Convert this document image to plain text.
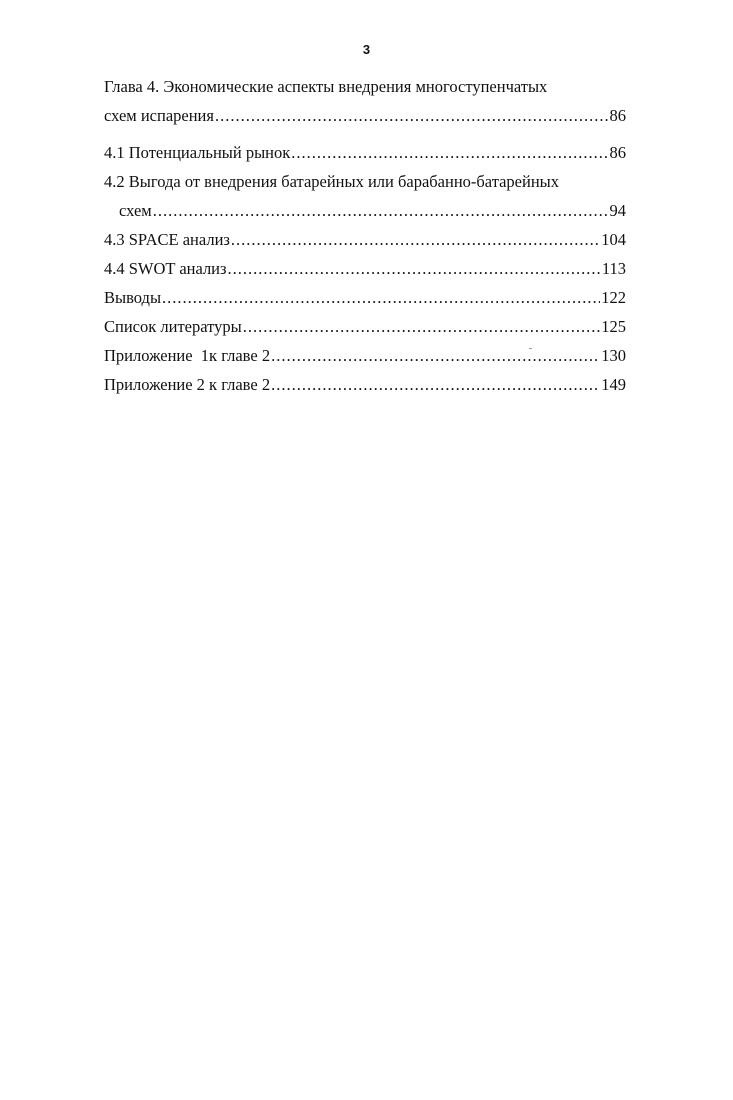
3
Глава 4. Экономические аспекты внедрения многоступенчатых
схем испарения .....	86
4.1 Потенциальный рынок .....	86
4.2 Выгода от внедрения батарейных или барабанно-батарейных
схем .....	94
4.3 SPACE анализ .....	104
4.4 SWOT анализ .....	113
Выводы .....	122
Список литературы .....	125
Приложение  1к главе 2 .....	130
Приложение 2 к главе 2 .....	149
